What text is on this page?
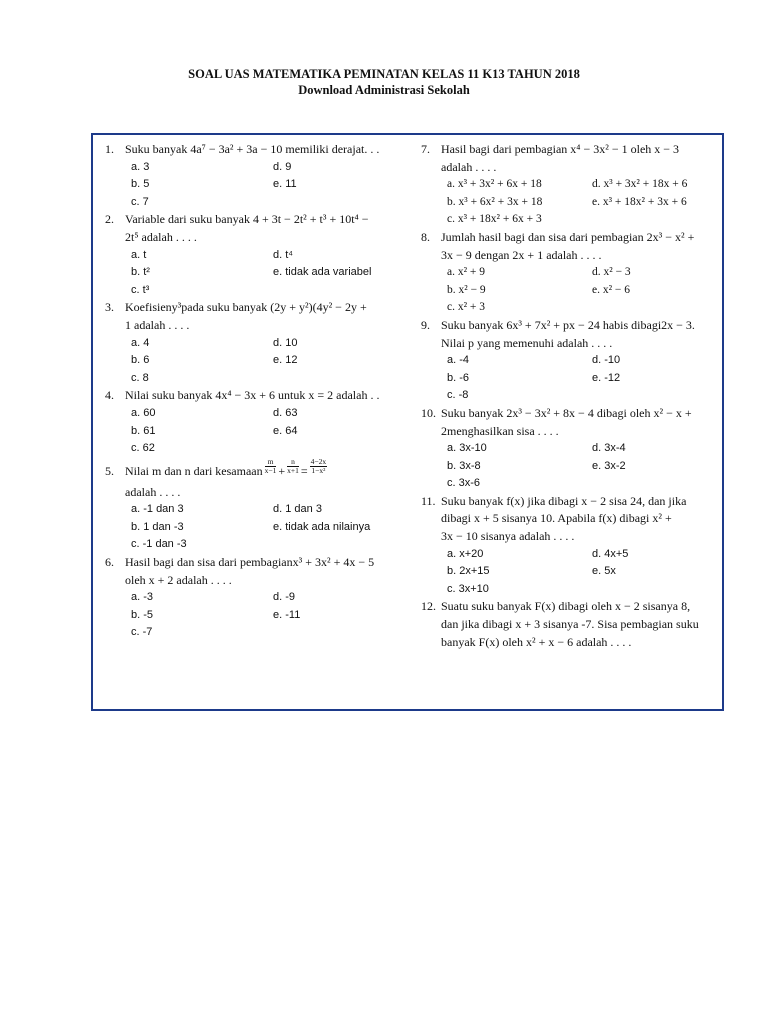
SOAL UAS MATEMATIKA PEMINATAN KELAS 11 K13 TAHUN 2018
Download Administrasi Sekolah
1. Suku banyak 4a⁷ − 3a² + 3a − 10 memiliki derajat. . .
a. 3	d. 9
b. 5	e. 11
c. 7
2. Variable dari suku banyak 4 + 3t − 2t² + t³ + 10t⁴ −
2t⁵ adalah . . . .
a. t	d. t⁴
b. t²	e. tidak ada variabel
c. t³
3. Koefisieny³pada suku banyak (2y + y²)(4y² − 2y +
1 adalah . . . .
a. 4	d. 10
b. 6	e. 12
c. 8
4. Nilai suku banyak 4x⁴ − 3x + 6 untuk x = 2 adalah . .
a. 60	d. 63
b. 61	e. 64
c. 62
5. Nilai m dan n dari kesamaan $\frac{m}{x-1} + \frac{n}{x+1} = \frac{4-2x}{\text{1−x²}}$
adalah . . . .
a. -1 dan 3	d. 1 dan 3
b. 1 dan -3	e. tidak ada nilainya
c. -1 dan -3
6. Hasil bagi dan sisa dari pembagianx³ + 3x² + 4x − 5
oleh x + 2 adalah . . . .
a. -3	d. -9
b. -5	e. -11
c. -7
7. Hasil bagi dari pembagian x⁴ − 3x² − 1 oleh x − 3
adalah . . . .
a. x³ + 3x² + 6x + 18	d. x³ + 3x² + 18x + 6
b. x³ + 6x² + 3x + 18	e. x³ + 18x² + 3x + 6
c. x³ + 18x² + 6x + 3
8. Jumlah hasil bagi dan sisa dari pembagian 2x³ − x² +
3x − 9 dengan 2x + 1 adalah . . . .
a. x² + 9	d. x² − 3
b. x² − 9	e. x² − 6
c. x² + 3
9. Suku banyak 6x³ + 7x² + px − 24 habis dibagi2x − 3.
Nilai p yang memenuhi adalah . . . .
a. -4	d. -10
b. -6	e. -12
c. -8
10. Suku banyak 2x³ − 3x² + 8x − 4 dibagi oleh x² − x +
2menghasilkan sisa . . . .
a. 3x-10	d. 3x-4
b. 3x-8	e. 3x-2
c. 3x-6
11. Suku banyak f(x) jika dibagi x − 2 sisa 24, dan jika
dibagi x + 5 sisanya 10. Apabila f(x) dibagi x² +
3x − 10 sisanya adalah . . . .
a. x+20	d. 4x+5
b. 2x+15	e. 5x
c. 3x+10
12. Suatu suku banyak F(x) dibagi oleh x − 2 sisanya 8,
dan jika dibagi x + 3 sisanya -7. Sisa pembagian suku
banyak F(x) oleh x² + x − 6 adalah . . . .
